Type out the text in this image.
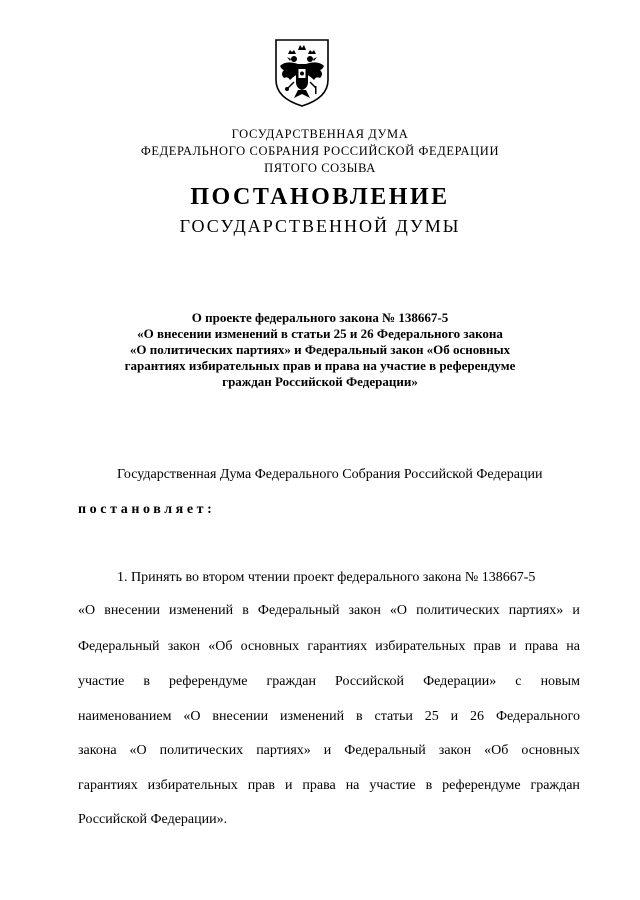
ГОСУДАРСТВЕННАЯ ДУМА
ФЕДЕРАЛЬНОГО СОБРАНИЯ РОССИЙСКОЙ ФЕДЕРАЦИИ
ПЯТОГО СОЗЫВА
ПОСТАНОВЛЕНИЕ
ГОСУДАРСТВЕННОЙ ДУМЫ
О проекте федерального закона № 138667-5
«О внесении изменений в статьи 25 и 26 Федерального закона
«О политических партиях» и Федеральный закон «Об основных
гарантиях избирательных прав и права на участие в референдуме
граждан Российской Федерации»
Государственная Дума Федерального Собрания Российской Федерации
постановляет:
1. Принять во втором чтении проект федерального закона № 138667-5
«О внесении изменений в Федеральный закон «О политических партиях» и
Федеральный закон «Об основных гарантиях избирательных прав и права на
участие в референдуме граждан Российской Федерации» с новым
наименованием «О внесении изменений в статьи 25 и 26 Федерального
закона «О политических партиях» и Федеральный закон «Об основных
гарантиях избирательных прав и права на участие в референдуме граждан
Российской Федерации».
